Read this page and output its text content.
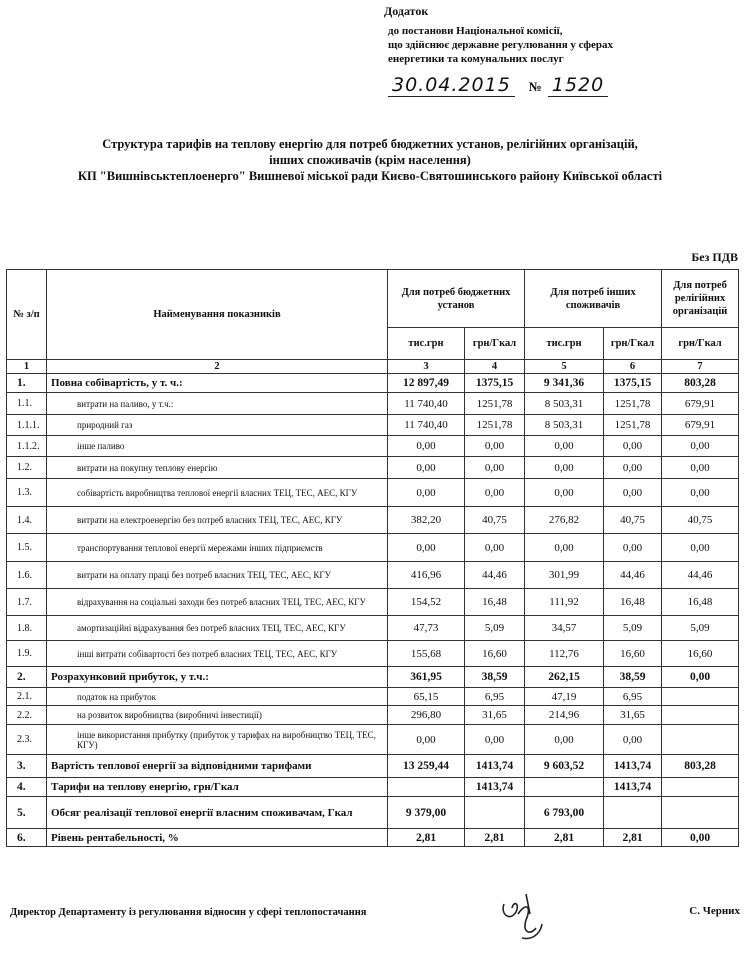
Додаток
до постанови Національної комісії,
що здійснює державне регулювання у сферах
енергетики та комунальних послуг
30.04.2015 № 1520
Структура тарифів на теплову енергію для потреб бюджетних установ, релігійних організацій,
інших споживачів (крім населення)
КП "Вишнівськтеплоенерго" Вишневої міської ради Києво-Святошинського району Київської області
Без ПДВ
№ з/п	Найменування показників	Для потреб бюджетних установ		Для потреб інших споживачів		Для потреб релігійних організацій
		тис.грн	грн/Гкал	тис.грн	грн/Гкал	грн/Гкал
1	2	3	4	5	6	7
1.	Повна собівартість, у т. ч.:	12 897,49	1375,15	9 341,36	1375,15	803,28
1.1.	витрати на паливо, у т.ч.:	11 740,40	1251,78	8 503,31	1251,78	679,91
1.1.1.	природний газ	11 740,40	1251,78	8 503,31	1251,78	679,91
1.1.2.	інше паливо	0,00	0,00	0,00	0,00	0,00
1.2.	витрати на покупну теплову енергію	0,00	0,00	0,00	0,00	0,00
1.3.	собівартість виробництва теплової енергії власних ТЕЦ, ТЕС, АЕС, КГУ	0,00	0,00	0,00	0,00	0,00
1.4.	витрати на електроенергію без потреб власних ТЕЦ, ТЕС, АЕС, КГУ	382,20	40,75	276,82	40,75	40,75
1.5.	транспортування теплової енергії мережами інших підприємств	0,00	0,00	0,00	0,00	0,00
1.6.	витрати на оплату праці без потреб власних ТЕЦ, ТЕС, АЕС, КГУ	416,96	44,46	301,99	44,46	44,46
1.7.	відрахування на соціальні заходи без потреб власних ТЕЦ, ТЕС, АЕС, КГУ	154,52	16,48	111,92	16,48	16,48
1.8.	амортизаційні відрахування без потреб власних ТЕЦ, ТЕС, АЕС, КГУ	47,73	5,09	34,57	5,09	5,09
1.9.	інші витрати собівартості без потреб власних ТЕЦ, ТЕС, АЕС, КГУ	155,68	16,60	112,76	16,60	16,60
2.	Розрахунковий прибуток, у т.ч.:	361,95	38,59	262,15	38,59	0,00
2.1.	податок на прибуток	65,15	6,95	47,19	6,95	
2.2.	на розвиток виробництва (виробничі інвестиції)	296,80	31,65	214,96	31,65	
2.3.	інше використання прибутку (прибуток у тарифах на виробництво ТЕЦ, ТЕС, КГУ)	0,00	0,00	0,00	0,00	
3.	Вартість теплової енергії за відповідними тарифами	13 259,44	1413,74	9 603,52	1413,74	803,28
4.	Тарифи на теплову енергію, грн/Гкал		1413,74		1413,74	
5.	Обсяг реалізації теплової енергії власним споживачам, Гкал	9 379,00		6 793,00		
6.	Рівень рентабельності, %	2,81	2,81	2,81	2,81	0,00
Директор Департаменту із регулювання відносин у сфері теплопостачання	С. Черних
